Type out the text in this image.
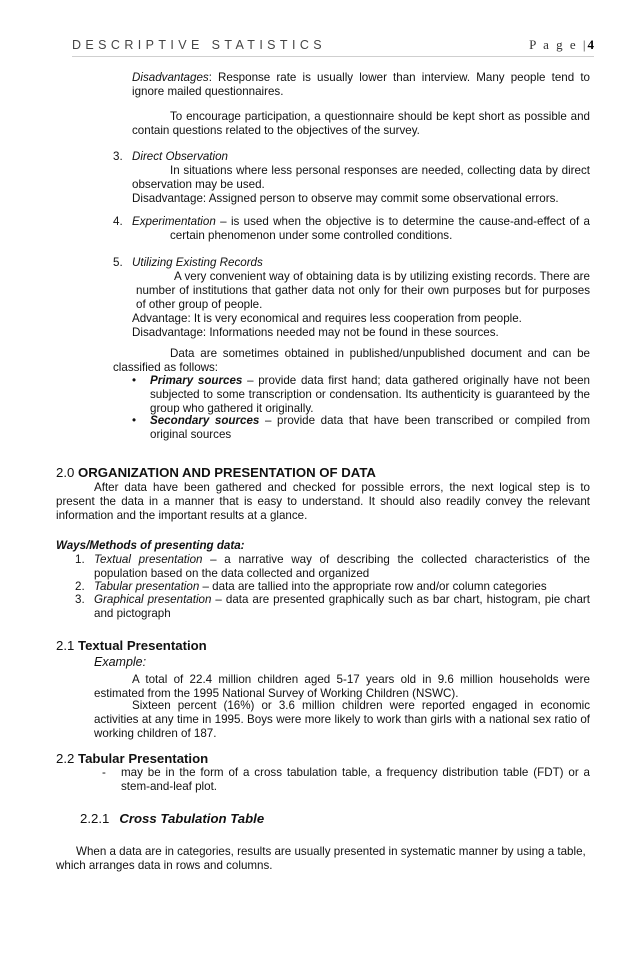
DESCRIPTIVE STATISTICS	P a g e |4

Disadvantages: Response rate is usually lower than interview. Many people tend to ignore mailed questionnaires.

To encourage participation, a questionnaire should be kept short as possible and contain questions related to the objectives of the survey.

3. Direct Observation

In situations where less personal responses are needed, collecting data by direct observation may be used.

Disadvantage: Assigned person to observe may commit some observational errors.

4. Experimentation – is used when the objective is to determine the cause-and-effect of a certain phenomenon under some controlled conditions.

5. Utilizing Existing Records

A very convenient way of obtaining data is by utilizing existing records. There are number of institutions that gather data not only for their own purposes but for purposes of other group of people.

Advantage: It is very economical and requires less cooperation from people.

Disadvantage: Informations needed may not be found in these sources.

Data are sometimes obtained in published/unpublished document and can be classified as follows:

• Primary sources – provide data first hand; data gathered originally have not been subjected to some transcription or condensation. Its authenticity is guaranteed by the group who gathered it originally.

• Secondary sources – provide data that have been transcribed or compiled from original sources

2.0 ORGANIZATION AND PRESENTATION OF DATA

After data have been gathered and checked for possible errors, the next logical step is to present the data in a manner that is easy to understand. It should also readily convey the relevant information and the important results at a glance.

Ways/Methods of presenting data:

1. Textual presentation – a narrative way of describing the collected characteristics of the population based on the data collected and organized

2. Tabular presentation – data are tallied into the appropriate row and/or column categories

3. Graphical presentation – data are presented graphically such as bar chart, histogram, pie chart and pictograph

2.1 Textual Presentation
Example:

A total of 22.4 million children aged 5-17 years old in 9.6 million households were estimated from the 1995 National Survey of Working Children (NSWC).

Sixteen percent (16%) or 3.6 million children were reported engaged in economic activities at any time in 1995. Boys were more likely to work than girls with a national sex ratio of working children of 187.

2.2 Tabular Presentation
- may be in the form of a cross tabulation table, a frequency distribution table (FDT) or a stem-and-leaf plot.

2.2.1 Cross Tabulation Table

When a data are in categories, results are usually presented in systematic manner by using a table, which arranges data in rows and columns.
